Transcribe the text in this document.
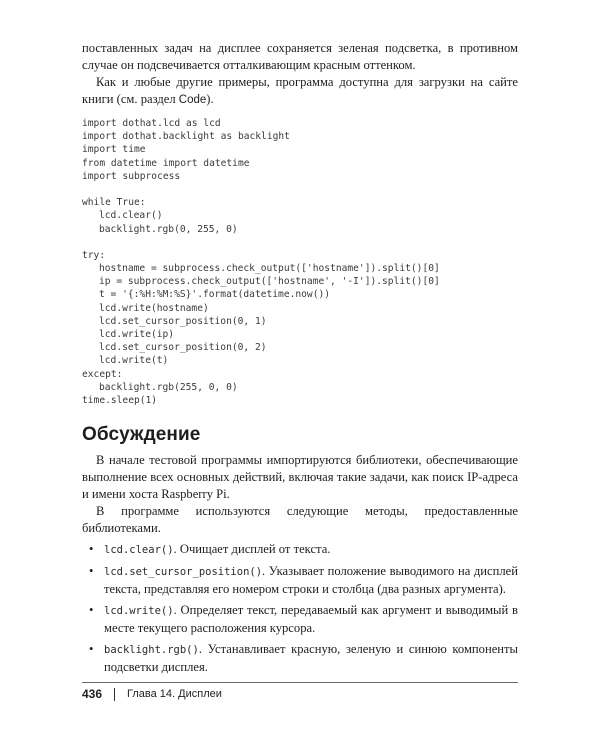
поставленных задач на дисплее сохраняется зеленая подсветка, в противном случае он подсвечивается отталкивающим красным оттенком.

Как и любые другие примеры, программа доступна для загрузки на сайте книги (см. раздел Code).

import dothat.lcd as lcd
import dothat.backlight as backlight
import time
from datetime import datetime
import subprocess
while True:
lcd.clear()
backlight.rgb(0, 255, 0)
try:
hostname = subprocess.check_output(['hostname']).split()[0]
ip = subprocess.check_output(['hostname', '-I']).split()[0]
t = '{:%H:%M:%S}'.format(datetime.now())
lcd.write(hostname)
lcd.set_cursor_position(0, 1)
lcd.write(ip)
lcd.set_cursor_position(0, 2)
lcd.write(t)
except:
backlight.rgb(255, 0, 0)
time.sleep(1)
Обсуждение

В начале тестовой программы импортируются библиотеки, обеспечивающие выполнение всех основных действий, включая такие задачи, как поиск IP-адреса и имени хоста Raspberry Pi.

В программе используются следующие методы, предоставленные библиотеками.

• lcd.clear(). Очищает дисплей от текста.
• lcd.set_cursor_position(). Указывает положение выводимого на дисплей текста, представляя его номером строки и столбца (два разных аргумента).
• lcd.write(). Определяет текст, передаваемый как аргумент и выводимый в месте текущего расположения курсора.
• backlight.rgb(). Устанавливает красную, зеленую и синюю компоненты подсветки дисплея.
436 Глава 14. Дисплеи
